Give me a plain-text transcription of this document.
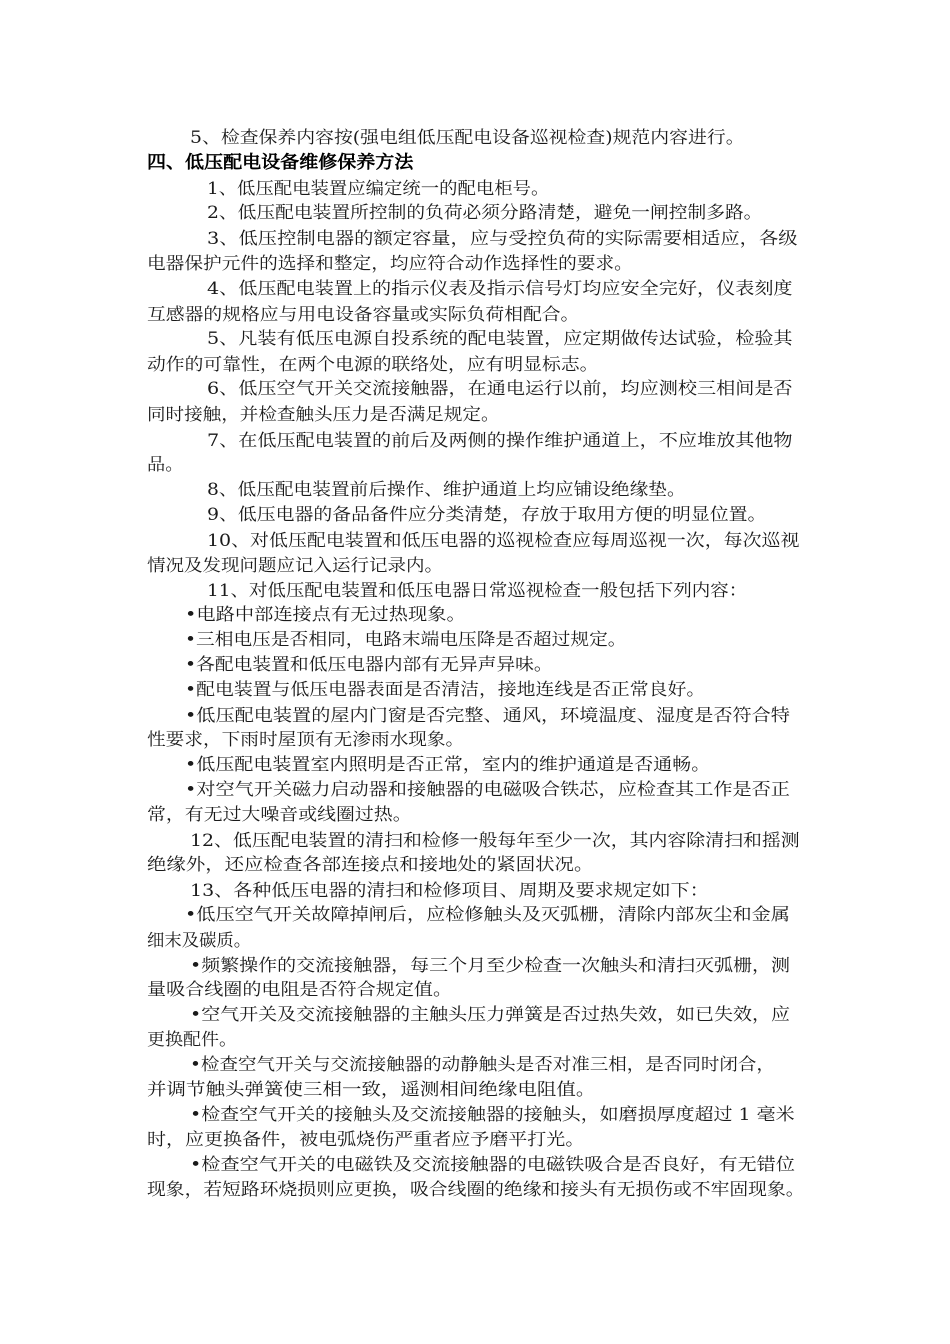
5、检查保养内容按(强电组低压配电设备巡视检查)规范内容进行。
四、低压配电设备维修保养方法
1、低压配电装置应编定统一的配电柜号。
2、低压配电装置所控制的负荷必须分路清楚，避免一闸控制多路。
3、低压控制电器的额定容量，应与受控负荷的实际需要相适应，各级
电器保护元件的选择和整定，均应符合动作选择性的要求。
4、低压配电装置上的指示仪表及指示信号灯均应安全完好，仪表刻度
互感器的规格应与用电设备容量或实际负荷相配合。
5、凡装有低压电源自投系统的配电装置，应定期做传达试验，检验其
动作的可靠性，在两个电源的联络处，应有明显标志。
6、低压空气开关交流接触器，在通电运行以前，均应测校三相间是否
同时接触，并检查触头压力是否满足规定。
7、在低压配电装置的前后及两侧的操作维护通道上，不应堆放其他物
品。
8、低压配电装置前后操作、维护通道上均应铺设绝缘垫。
9、低压电器的备品备件应分类清楚，存放于取用方便的明显位置。
10、对低压配电装置和低压电器的巡视检查应每周巡视一次，每次巡视
情况及发现问题应记入运行记录内。
11、对低压配电装置和低压电器日常巡视检查一般包括下列内容：
•电路中部连接点有无过热现象。
•三相电压是否相同，电路末端电压降是否超过规定。
•各配电装置和低压电器内部有无异声异味。
•配电装置与低压电器表面是否清洁，接地连线是否正常良好。
•低压配电装置的屋内门窗是否完整、通风，环境温度、湿度是否符合特
性要求，下雨时屋顶有无渗雨水现象。
•低压配电装置室内照明是否正常，室内的维护通道是否通畅。
•对空气开关磁力启动器和接触器的电磁吸合铁芯，应检查其工作是否正
常，有无过大噪音或线圈过热。
12、低压配电装置的清扫和检修一般每年至少一次，其内容除清扫和摇测
绝缘外，还应检查各部连接点和接地处的紧固状况。
13、各种低压电器的清扫和检修项目、周期及要求规定如下：
•低压空气开关故障掉闸后，应检修触头及灭弧栅，清除内部灰尘和金属
细末及碳质。
•频繁操作的交流接触器，每三个月至少检查一次触头和清扫灭弧栅，测
量吸合线圈的电阻是否符合规定值。
•空气开关及交流接触器的主触头压力弹簧是否过热失效，如已失效，应
更换配件。
•检查空气开关与交流接触器的动静触头是否对准三相，是否同时闭合，
并调节触头弹簧使三相一致，遥测相间绝缘电阻值。
•检查空气开关的接触头及交流接触器的接触头，如磨损厚度超过 1 毫米
时，应更换备件，被电弧烧伤严重者应予磨平打光。
•检查空气开关的电磁铁及交流接触器的电磁铁吸合是否良好，有无错位
现象，若短路环烧损则应更换，吸合线圈的绝缘和接头有无损伤或不牢固现象。
